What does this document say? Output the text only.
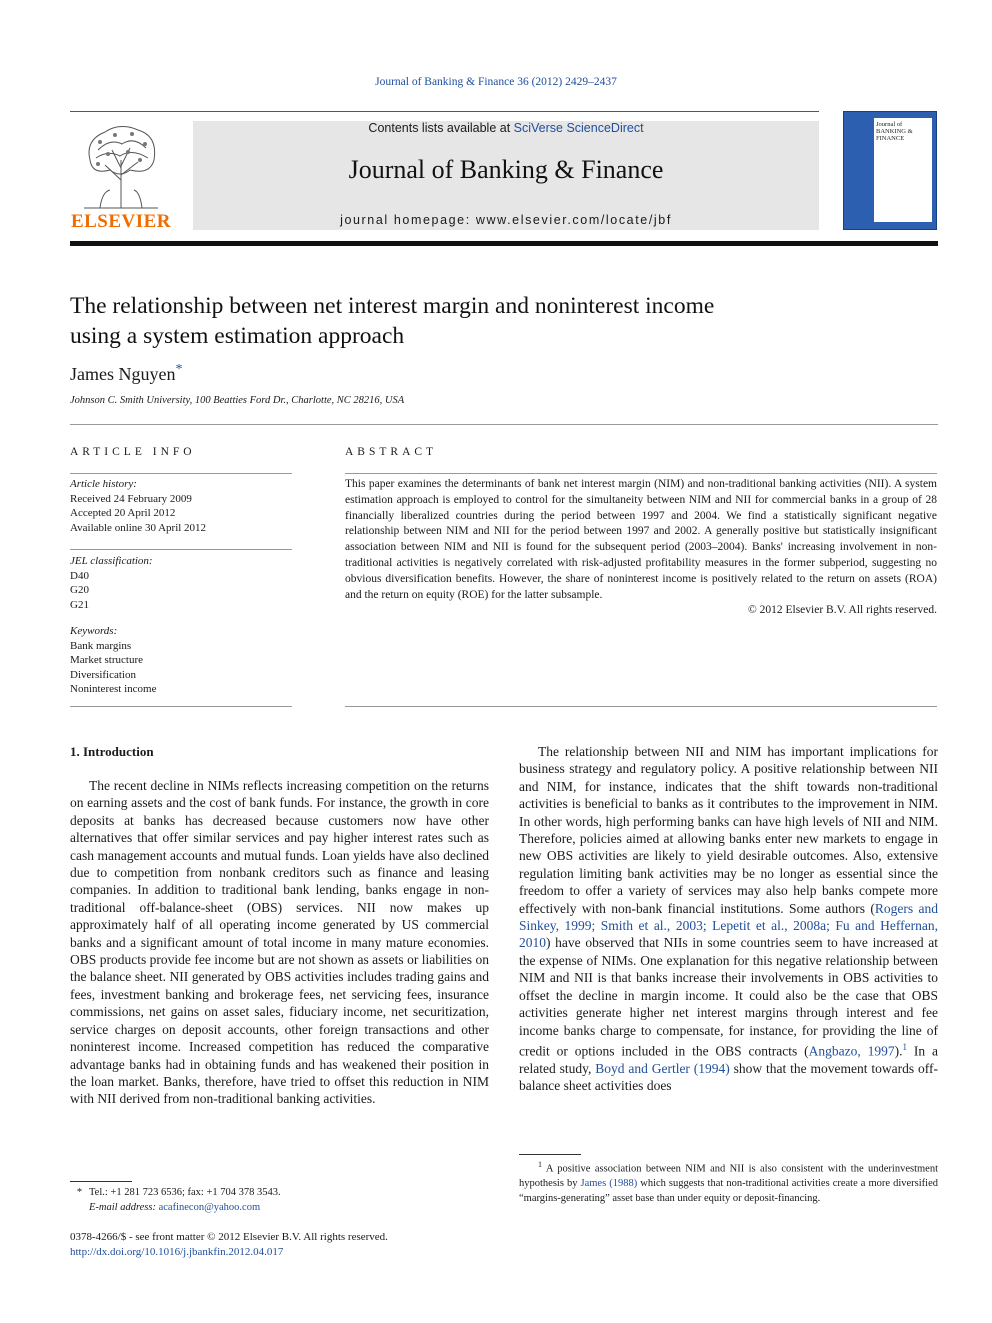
Journal of Banking & Finance 36 (2012) 2429–2437
ELSEVIER
Contents lists available at SciVerse ScienceDirect
Journal of Banking & Finance
journal homepage: www.elsevier.com/locate/jbf
Journal of BANKING & FINANCE
The relationship between net interest margin and noninterest income
using a system estimation approach
James Nguyen*
Johnson C. Smith University, 100 Beatties Ford Dr., Charlotte, NC 28216, USA
ARTICLE INFO
Article history:
Received 24 February 2009
Accepted 20 April 2012
Available online 30 April 2012
JEL classification:
D40
G20
G21
Keywords:
Bank margins
Market structure
Diversification
Noninterest income
ABSTRACT
This paper examines the determinants of bank net interest margin (NIM) and non-traditional banking activities (NII). A system estimation approach is employed to control for the simultaneity between NIM and NII for commercial banks in a group of 28 financially liberalized countries during the period between 1997 and 2004. We find a statistically significant negative relationship between NIM and NII for the period between 1997 and 2002. A generally positive but statistically insignificant association between NIM and NII is found for the subsequent period (2003–2004). Banks' increasing involvement in non-traditional activities is negatively correlated with risk-adjusted profitability measures in the former subperiod, suggesting no obvious diversification benefits. However, the share of noninterest income is positively related to the return on assets (ROA) and the return on equity (ROE) for the latter subsample.
© 2012 Elsevier B.V. All rights reserved.
1. Introduction

The recent decline in NIMs reflects increasing competition on the returns on earning assets and the cost of bank funds. For instance, the growth in core deposits at banks has decreased because customers now have other alternatives that offer similar services and pay higher interest rates such as cash management accounts and mutual funds. Loan yields have also declined due to competition from nonbank creditors such as finance and leasing companies. In addition to traditional bank lending, banks engage in non-traditional off-balance-sheet (OBS) services. NII now makes up approximately half of all operating income generated by US commercial banks and a significant amount of total income in many mature economies. OBS products provide fee income but are not shown as assets or liabilities on the balance sheet. NII generated by OBS activities includes trading gains and fees, investment banking and brokerage fees, net servicing fees, insurance commissions, net gains on asset sales, fiduciary income, net securitization, service charges on deposit accounts, other foreign transactions and other noninterest income. Increased competition has reduced the comparative advantage banks had in obtaining funds and has weakened their position in the loan market. Banks, therefore, have tried to offset this reduction in NIM with NII derived from non-traditional banking activities.

The relationship between NII and NIM has important implications for business strategy and regulatory policy. A positive relationship between NII and NIM, for instance, indicates that the shift towards non-traditional activities is beneficial to banks as it contributes to the improvement in NIM. In other words, high performing banks can have high levels of NII and NIM. Therefore, policies aimed at allowing banks enter new markets to engage in new OBS activities are likely to yield desirable outcomes. Also, extensive regulation limiting bank activities may be no longer as essential since the freedom to offer a variety of services may also help banks compete more effectively with non-bank financial institutions. Some authors (Rogers and Sinkey, 1999; Smith et al., 2003; Lepetit et al., 2008a; Fu and Heffernan, 2010) have observed that NIIs in some countries seem to have increased at the expense of NIMs. One explanation for this negative relationship between NIM and NII is that banks increase their involvements in OBS activities to offset the decline in margin income. It could also be the case that OBS activities generate higher net interest margins through interest and fee income banks charge to compensate, for instance, for providing the line of credit or options included in the OBS contracts (Angbazo, 1997).$^1$ In a related study, Boyd and Gertler (1994) show that the movement towards off-balance sheet activities does

$^1$ A positive association between NIM and NII is also consistent with the underinvestment hypothesis by James (1988) which suggests that non-traditional activities create a more diversified “margins-generating” asset base than under equity or deposit-financing.
* Tel.: +1 281 723 6536; fax: +1 704 378 3543.
E-mail address: acafinecon@yahoo.com
0378-4266/$ - see front matter © 2012 Elsevier B.V. All rights reserved.
http://dx.doi.org/10.1016/j.jbankfin.2012.04.017
